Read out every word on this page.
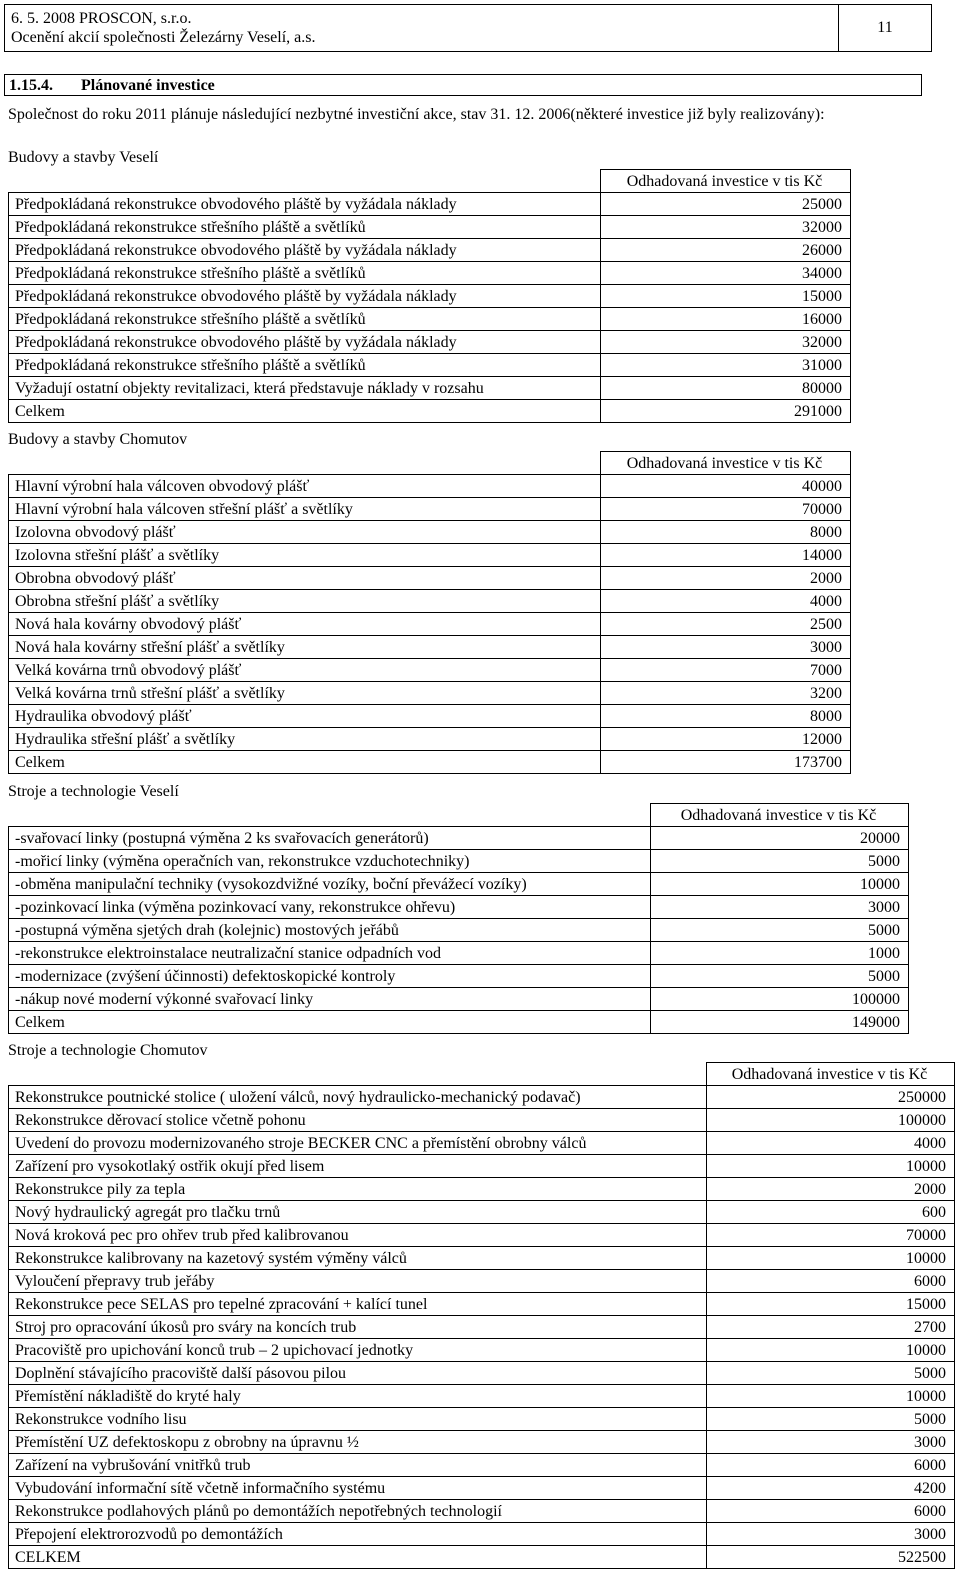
6. 5. 2008 PROSCON, s.r.o.
Ocenění akcií společnosti Železárny Veselí, a.s.
11
1.15.4. Plánované investice
Společnost do roku 2011 plánuje následující nezbytné investiční akce, stav 31. 12. 2006(některé investice již byly realizovány):
Budovy a stavby Veselí
	Odhadovaná investice v tis Kč
Předpokládaná rekonstrukce obvodového pláště by vyžádala náklady	25000
Předpokládaná rekonstrukce střešního pláště a světlíků	32000
Předpokládaná rekonstrukce obvodového pláště by vyžádala náklady	26000
Předpokládaná rekonstrukce střešního pláště a světlíků	34000
Předpokládaná rekonstrukce obvodového pláště by vyžádala náklady	15000
Předpokládaná rekonstrukce střešního pláště a světlíků	16000
Předpokládaná rekonstrukce obvodového pláště by vyžádala náklady	32000
Předpokládaná rekonstrukce střešního pláště a světlíků	31000
Vyžadují ostatní objekty revitalizaci, která představuje náklady v rozsahu	80000
Celkem	291000
Budovy a stavby Chomutov
	Odhadovaná investice v tis Kč
Hlavní výrobní hala válcoven obvodový plášť	40000
Hlavní výrobní hala válcoven střešní plášť a světlíky	70000
Izolovna obvodový plášť	8000
Izolovna střešní plášť a světlíky	14000
Obrobna obvodový plášť	2000
Obrobna střešní plášť a světlíky	4000
Nová hala kovárny obvodový plášť	2500
Nová hala kovárny střešní plášť a světlíky	3000
Velká kovárna trnů obvodový plášť	7000
Velká kovárna trnů střešní plášť a světlíky	3200
Hydraulika obvodový plášť	8000
Hydraulika střešní plášť a světlíky	12000
Celkem	173700
Stroje a technologie Veselí
	Odhadovaná investice v tis Kč
-svařovací linky (postupná výměna 2 ks svařovacích generátorů)	20000
-mořicí linky (výměna operačních van, rekonstrukce vzduchotechniky)	5000
-obměna manipulační techniky (vysokozdvižné vozíky, boční převážecí vozíky)	10000
-pozinkovací linka (výměna pozinkovací vany, rekonstrukce ohřevu)	3000
-postupná výměna sjetých drah (kolejnic) mostových jeřábů	5000
-rekonstrukce elektroinstalace neutralizační stanice odpadních vod	1000
-modernizace (zvýšení účinnosti) defektoskopické kontroly	5000
-nákup nové moderní výkonné svařovací linky	100000
Celkem	149000
Stroje a technologie Chomutov
	Odhadovaná investice v tis Kč
Rekonstrukce poutnické stolice ( uložení válců, nový hydraulicko-mechanický podavač)	250000
Rekonstrukce děrovací stolice včetně pohonu	100000
Uvedení do provozu modernizovaného stroje BECKER CNC a přemístění obrobny válců	4000
Zařízení pro vysokotlaký ostřik okují před lisem	10000
Rekonstrukce pily za tepla	2000
Nový hydraulický agregát pro tlačku trnů	600
Nová kroková pec pro ohřev trub před kalibrovanou	70000
Rekonstrukce kalibrovany na kazetový systém výměny válců	10000
Vyloučení přepravy trub jeřáby	6000
Rekonstrukce pece SELAS pro tepelné zpracování + kalící tunel	15000
Stroj pro opracování úkosů pro sváry na koncích trub	2700
Pracoviště pro upichování konců trub – 2 upichovací jednotky	10000
Doplnění stávajícího pracoviště další pásovou pilou	5000
Přemístění nákladiště do kryté haly	10000
Rekonstrukce vodního lisu	5000
Přemístění UZ defektoskopu z obrobny na úpravnu ½	3000
Zařízení na vybrušování vnitřků trub	6000
Vybudování informační sítě včetně informačního systému	4200
Rekonstrukce podlahových plánů po demontážích nepotřebných technologií	6000
Přepojení elektrorozvodů po demontážích	3000
CELKEM	522500
